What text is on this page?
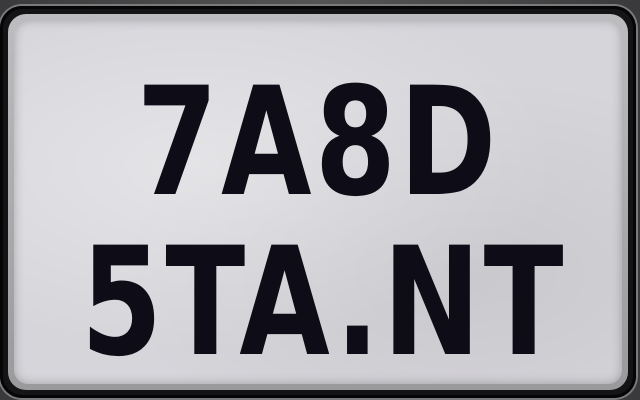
7A8D
5TA.NT
